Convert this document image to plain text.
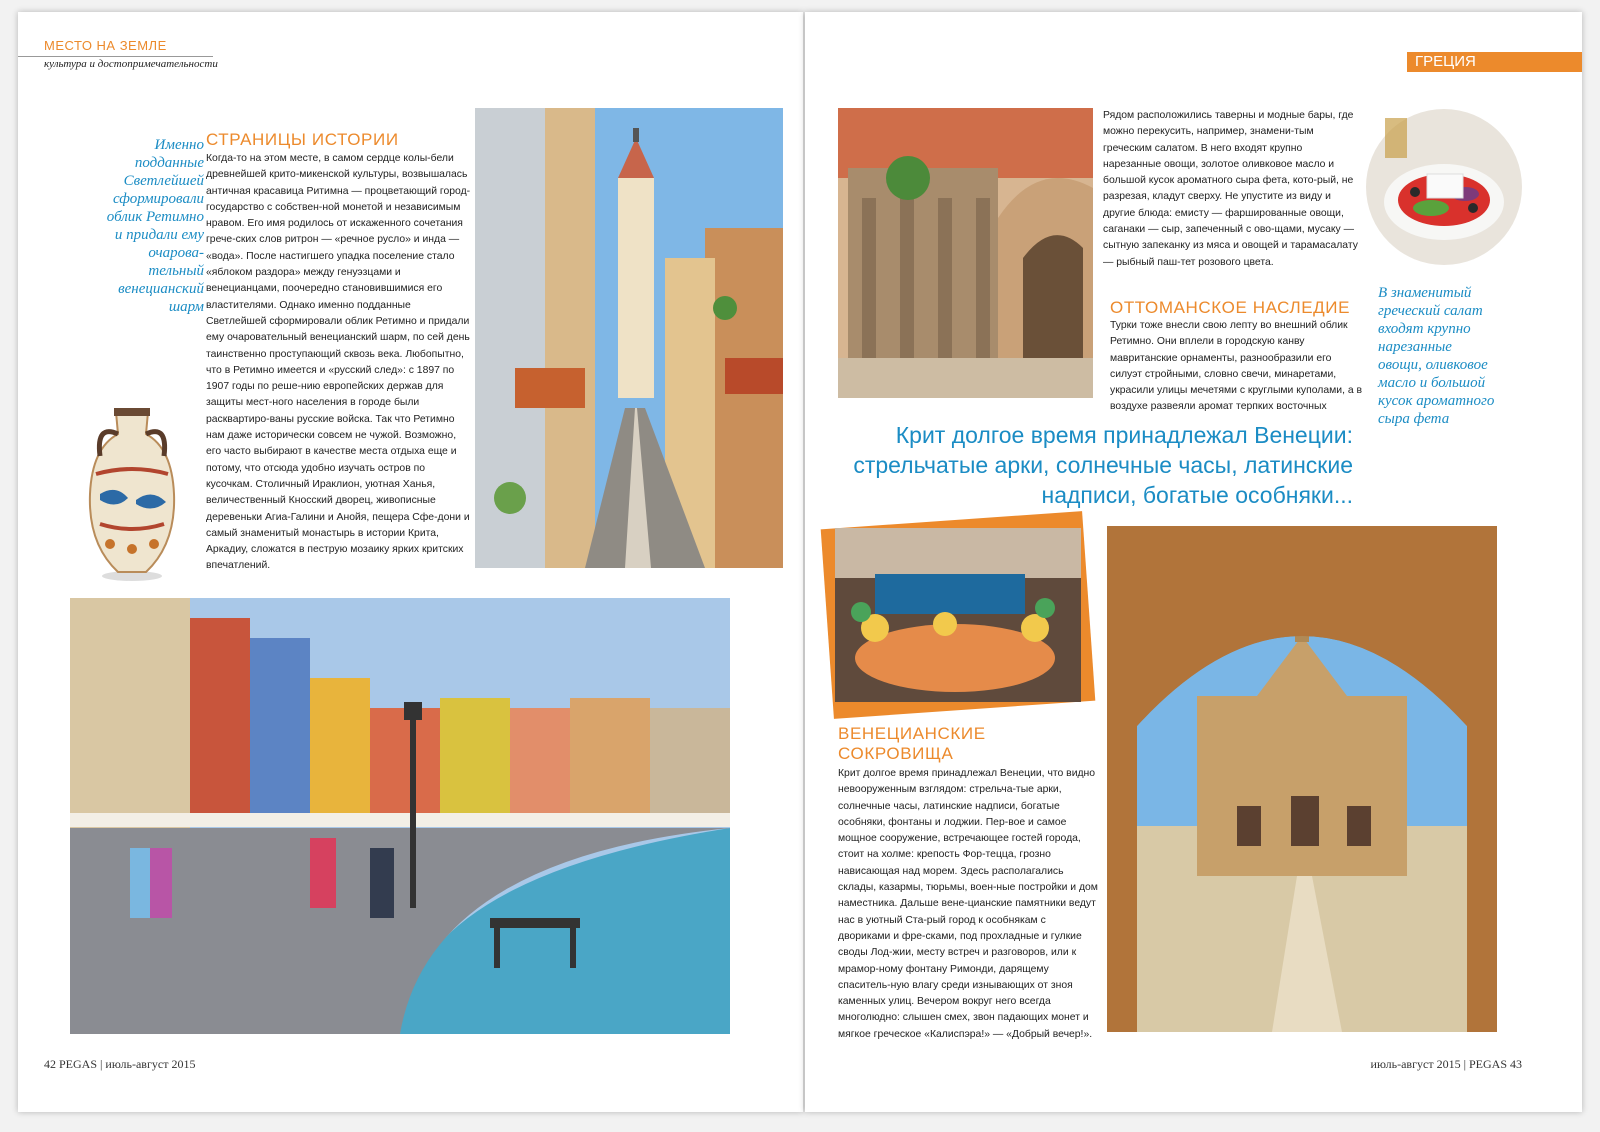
МЕСТО НА ЗЕМЛЕ
культура и достопримечательности
Именно подданные Светлейшей сформировали облик Ретимно и придали ему очарова-тельный венецианский шарм
СТРАНИЦЫ ИСТОРИИ
Когда-то на этом месте, в самом сердце колы-бели древнейшей крито-микенской культуры, возвышалась античная красавица Ритимна — процветающий город-государство с собствен-ной монетой и независимым нравом. Его имя родилось от искаженного сочетания грече-ских слов ритрон — «речное русло» и инда — «вода». После настигшего упадка поселение стало «яблоком раздора» между генуэзцами и венецианцами, поочередно становившимися его властителями. Однако именно подданные Светлейшей сформировали облик Ретимно и придали ему очаровательный венецианский шарм, по сей день таинственно проступающий сквозь века. Любопытно, что в Ретимно имеется и «русский след»: с 1897 по 1907 годы по реше-нию европейских держав для защиты мест-ного населения в городе были расквартиро-ваны русские войска. Так что Ретимно нам даже исторически совсем не чужой. Возможно, его часто выбирают в качестве места отдыха еще и потому, что отсюда удобно изучать остров по кусочкам. Столичный Ираклион, уютная Ханья, величественный Кносский дворец, живописные деревеньки Агиа-Галини и Анойя, пещера Сфе-дони и самый знаменитый монастырь в истории Крита, Аркадиу, сложатся в пеструю мозаику ярких критских впечатлений.
42 PEGAS | июль-август 2015
ГРЕЦИЯ
Рядом расположились таверны и модные бары, где можно перекусить, например, знамени-тым греческим салатом. В него входят крупно нарезанные овощи, золотое оливковое масло и большой кусок ароматного сыра фета, кото-рый, не разрезая, кладут сверху. Не упустите из виду и другие блюда: емисту — фаршированные овощи, саганаки — сыр, запеченный с ово-щами, мусаку — сытную запеканку из мяса и овощей и тарамасалату — рыбный паш-тет розового цвета.
В знаменитый греческий салат входят крупно нарезанные овощи, оливковое масло и большой кусок ароматного сыра фета
ОТТОМАНСКОЕ НАСЛЕДИЕ
Турки тоже внесли свою лепту во внешний облик Ретимно. Они вплели в городскую канву мавританские орнаменты, разнообразили его силуэт стройными, словно свечи, минаретами, украсили улицы мечетями с круглыми куполами, а в воздухе развеяли аромат терпких восточных
Крит долгое время принадлежал Венеции: стрельчатые арки, солнечные часы, латинские надписи, богатые особняки...
ВЕНЕЦИАНСКИЕ СОКРОВИЩА
Крит долгое время принадлежал Венеции, что видно невооруженным взглядом: стрельча-тые арки, солнечные часы, латинские надписи, богатые особняки, фонтаны и лоджии. Пер-вое и самое мощное сооружение, встречающее гостей города, стоит на холме: крепость Фор-теццa, грозно нависающая над морем. Здесь располагались склады, казармы, тюрьмы, воен-ные постройки и дом наместника. Дальше вене-цианские памятники ведут нас в уютный Ста-рый город к особнякам с двориками и фре-сками, под прохладные и гулкие своды Лод-жии, месту встреч и разговоров, или к мрамор-ному фонтану Римонди, дарящему спаситель-ную влагу среди изнывающих от зноя каменных улиц. Вечером вокруг него всегда многолюдно: слышен смех, звон падающих монет и мягкое греческое «Калиспэра!» — «Добрый вечер!».
июль-август 2015 | PEGAS 43
